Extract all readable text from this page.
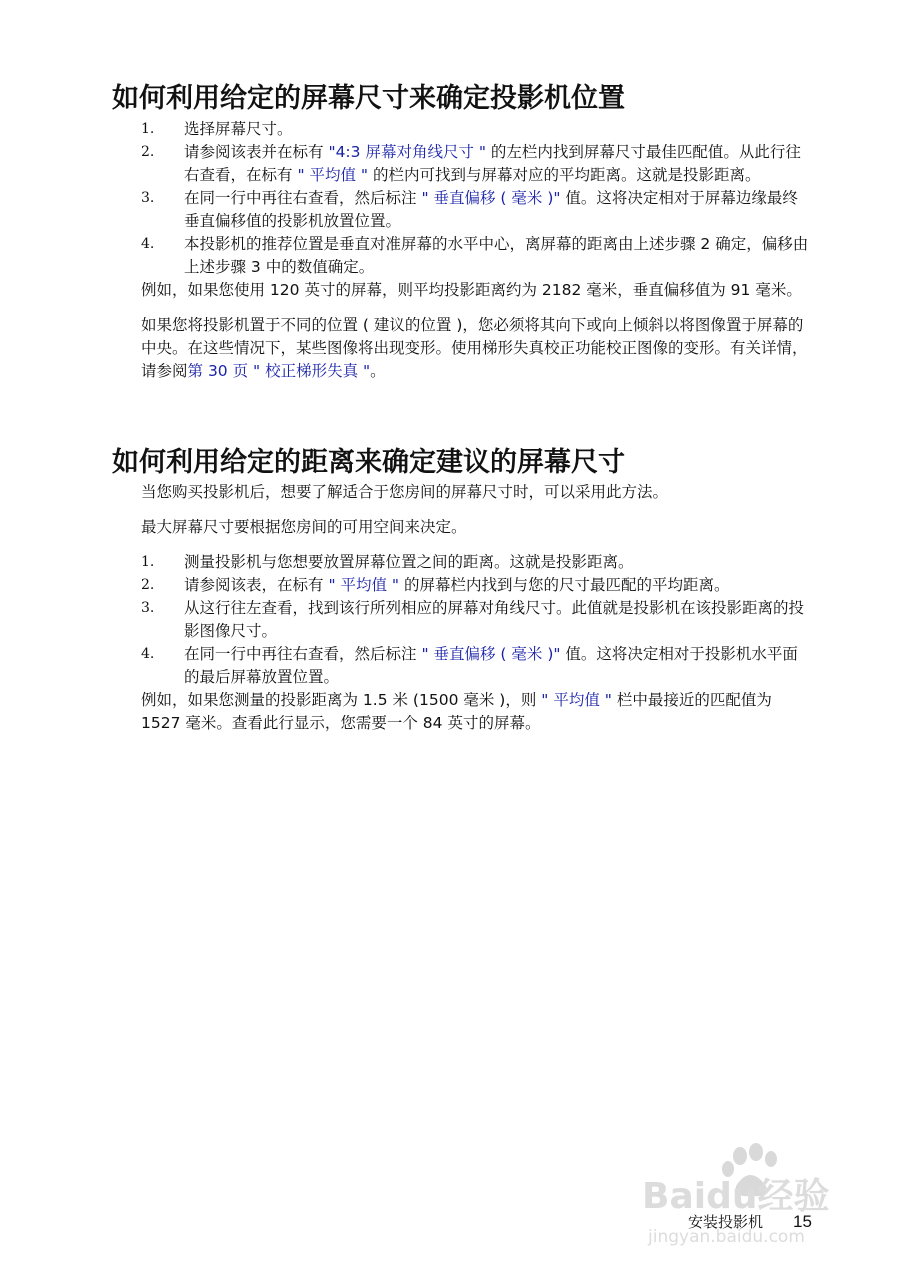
如何利用给定的屏幕尺寸来确定投影机位置
1. 选择屏幕尺寸。
2. 请参阅该表并在标有 "4:3 屏幕对角线尺寸 " 的左栏内找到屏幕尺寸最佳匹配值。从此行往右查看，在标有 " 平均值 " 的栏内可找到与屏幕对应的平均距离。这就是投影距离。
3. 在同一行中再往右查看，然后标注 " 垂直偏移 ( 毫米 )" 值。这将决定相对于屏幕边缘最终垂直偏移值的投影机放置位置。
4. 本投影机的推荐位置是垂直对准屏幕的水平中心，离屏幕的距离由上述步骤 2 确定，偏移由上述步骤 3 中的数值确定。

例如，如果您使用 120 英寸的屏幕，则平均投影距离约为 2182 毫米，垂直偏移值为 91 毫米。

如果您将投影机置于不同的位置 ( 建议的位置 )，您必须将其向下或向上倾斜以将图像置于屏幕的中央。在这些情况下，某些图像将出现变形。使用梯形失真校正功能校正图像的变形。有关详情，请参阅第 30 页 " 校正梯形失真 "。

如何利用给定的距离来确定建议的屏幕尺寸

当您购买投影机后，想要了解适合于您房间的屏幕尺寸时，可以采用此方法。

最大屏幕尺寸要根据您房间的可用空间来决定。

1. 测量投影机与您想要放置屏幕位置之间的距离。这就是投影距离。
2. 请参阅该表，在标有 " 平均值 " 的屏幕栏内找到与您的尺寸最匹配的平均距离。
3. 从这行往左查看，找到该行所列相应的屏幕对角线尺寸。此值就是投影机在该投影距离的投影图像尺寸。
4. 在同一行中再往右查看，然后标注 " 垂直偏移 ( 毫米 )" 值。这将决定相对于投影机水平面的最后屏幕放置位置。

例如，如果您测量的投影距离为 1.5 米 (1500 毫米 )，则 " 平均值 " 栏中最接近的匹配值为 1527 毫米。查看此行显示，您需要一个 84 英寸的屏幕。

Baidu经验
jingyan.baidu.com
安装投影机 15
